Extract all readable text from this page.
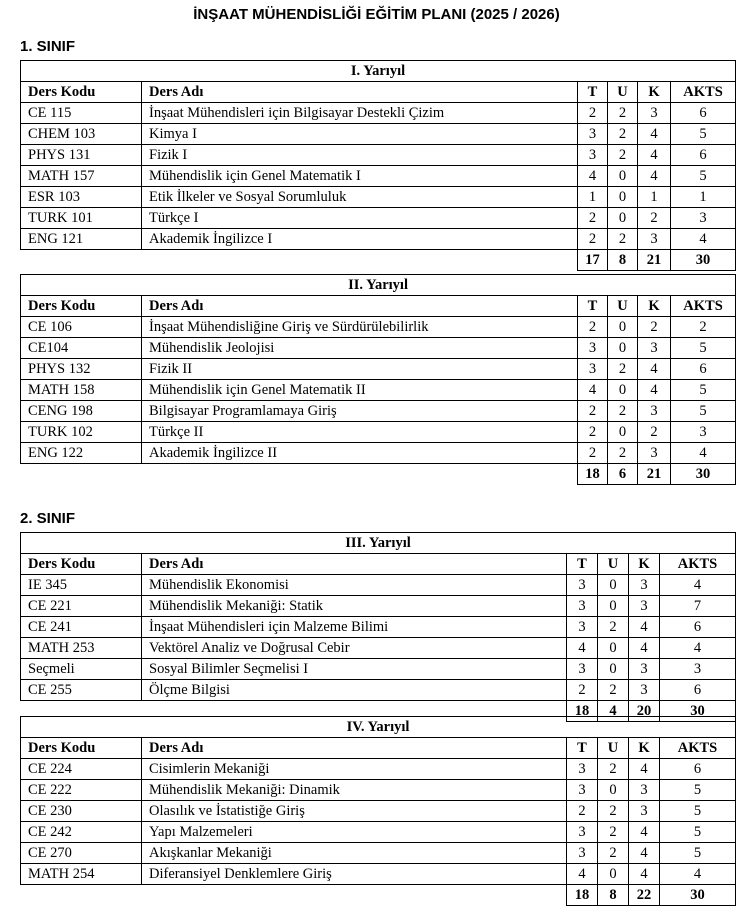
İNŞAAT MÜHENDİSLİĞİ EĞİTİM PLANI (2025 / 2026)
1. SINIF
I. Yarıyıl					
Ders Kodu	Ders Adı	T	U	K	AKTS
CE 115	İnşaat Mühendisleri için Bilgisayar Destekli Çizim	2	2	3	6
CHEM 103	Kimya I	3	2	4	5
PHYS 131	Fizik I	3	2	4	6
MATH 157	Mühendislik için Genel Matematik I	4	0	4	5
ESR 103	Etik İlkeler ve Sosyal Sorumluluk	1	0	1	1
TURK 101	Türkçe I	2	0	2	3
ENG 121	Akademik İngilizce I	2	2	3	4
		17	8	21	30
II. Yarıyıl					
Ders Kodu	Ders Adı	T	U	K	AKTS
CE 106	İnşaat Mühendisliğine Giriş ve Sürdürülebilirlik	2	0	2	2
CE104	Mühendislik Jeolojisi	3	0	3	5
PHYS 132	Fizik II	3	2	4	6
MATH 158	Mühendislik için Genel Matematik II	4	0	4	5
CENG 198	Bilgisayar Programlamaya Giriş	2	2	3	5
TURK 102	Türkçe II	2	0	2	3
ENG 122	Akademik İngilizce II	2	2	3	4
		18	6	21	30
2. SINIF
III. Yarıyıl					
Ders Kodu	Ders Adı	T	U	K	AKTS
IE 345	Mühendislik Ekonomisi	3	0	3	4
CE 221	Mühendislik Mekaniği: Statik	3	0	3	7
CE 241	İnşaat Mühendisleri için Malzeme Bilimi	3	2	4	6
MATH 253	Vektörel Analiz ve Doğrusal Cebir	4	0	4	4
Seçmeli	Sosyal Bilimler Seçmelisi I	3	0	3	3
CE 255	Ölçme Bilgisi	2	2	3	6
		18	4	20	30
IV. Yarıyıl					
Ders Kodu	Ders Adı	T	U	K	AKTS
CE 224	Cisimlerin Mekaniği	3	2	4	6
CE 222	Mühendislik Mekaniği: Dinamik	3	0	3	5
CE 230	Olasılık ve İstatistiğe Giriş	2	2	3	5
CE 242	Yapı Malzemeleri	3	2	4	5
CE 270	Akışkanlar Mekaniği	3	2	4	5
MATH 254	Diferansiyel Denklemlere Giriş	4	0	4	4
		18	8	22	30
